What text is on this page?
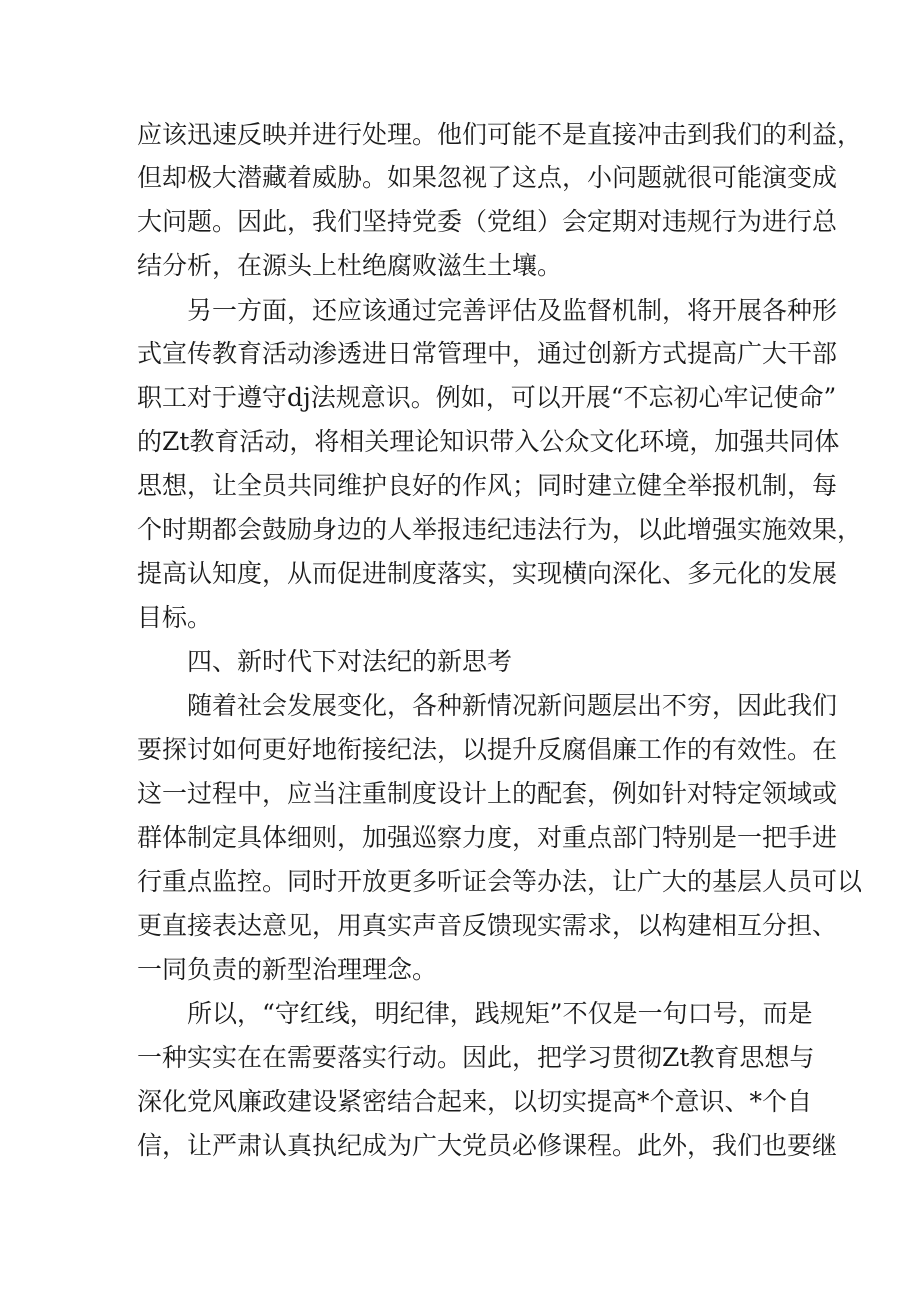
应该迅速反映并进行处理。他们可能不是直接冲击到我们的利益，
但却极大潜藏着威胁。如果忽视了这点，小问题就很可能演变成
大问题。因此，我们坚持党委（党组）会定期对违规行为进行总
结分析，在源头上杜绝腐败滋生土壤。
另一方面，还应该通过完善评估及监督机制，将开展各种形
式宣传教育活动渗透进日常管理中，通过创新方式提高广大干部
职工对于遵守dj法规意识。例如，可以开展“不忘初心牢记使命”
的Zt教育活动，将相关理论知识带入公众文化环境，加强共同体
思想，让全员共同维护良好的作风；同时建立健全举报机制，每
个时期都会鼓励身边的人举报违纪违法行为，以此增强实施效果，
提高认知度，从而促进制度落实，实现横向深化、多元化的发展
目标。
四、新时代下对法纪的新思考
随着社会发展变化，各种新情况新问题层出不穷，因此我们
要探讨如何更好地衔接纪法，以提升反腐倡廉工作的有效性。在
这一过程中，应当注重制度设计上的配套，例如针对特定领域或
群体制定具体细则，加强巡察力度，对重点部门特别是一把手进
行重点监控。同时开放更多听证会等办法，让广大的基层人员可以
更直接表达意见，用真实声音反馈现实需求，以构建相互分担、
一同负责的新型治理理念。
所以，“守红线，明纪律，践规矩”不仅是一句口号，而是
一种实实在在需要落实行动。因此，把学习贯彻Zt教育思想与
深化党风廉政建设紧密结合起来，以切实提高*个意识、*个自
信，让严肃认真执纪成为广大党员必修课程。此外，我们也要继
